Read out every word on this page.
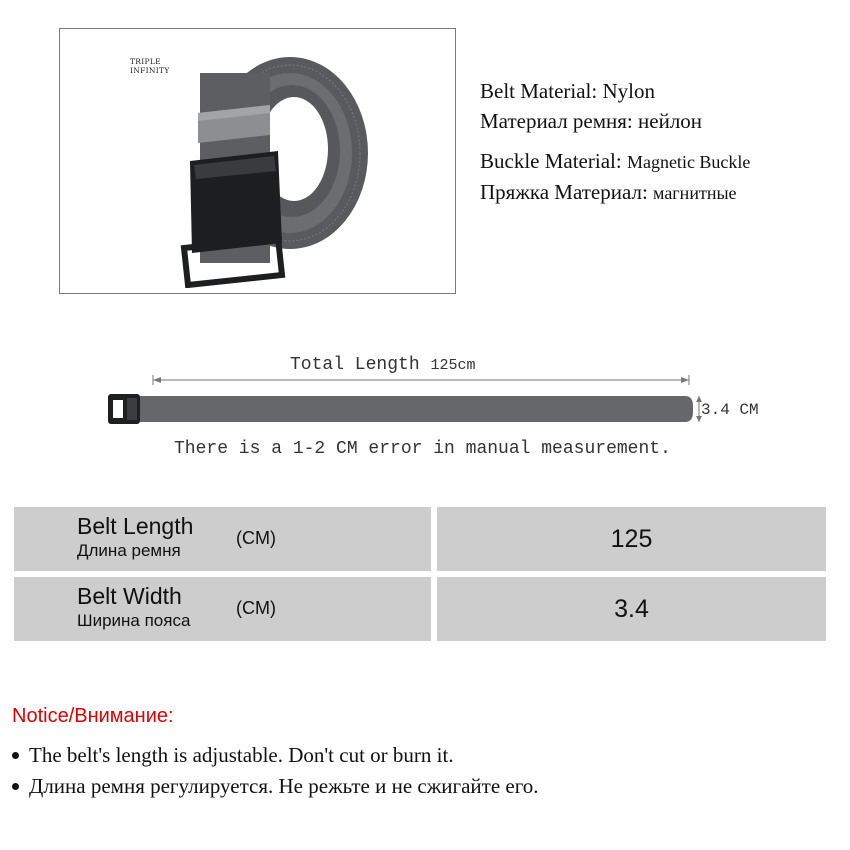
TRIPLE
INFINITY
Belt Material: Nylon
Материал ремня: нейлон
Buckle Material: Magnetic Buckle
Пряжка Материал: магнитные
Total Length 125cm
3.4 CM
There is a 1-2 CM error in manual measurement.
Belt Length
Длина ремня
(CM)	125
Belt Width
Ширина пояса
(CM)	3.4
Notice/Внимание:
The belt's length is adjustable. Don't cut or burn it.
Длина ремня регулируется. Не режьте и не сжигайте его.
